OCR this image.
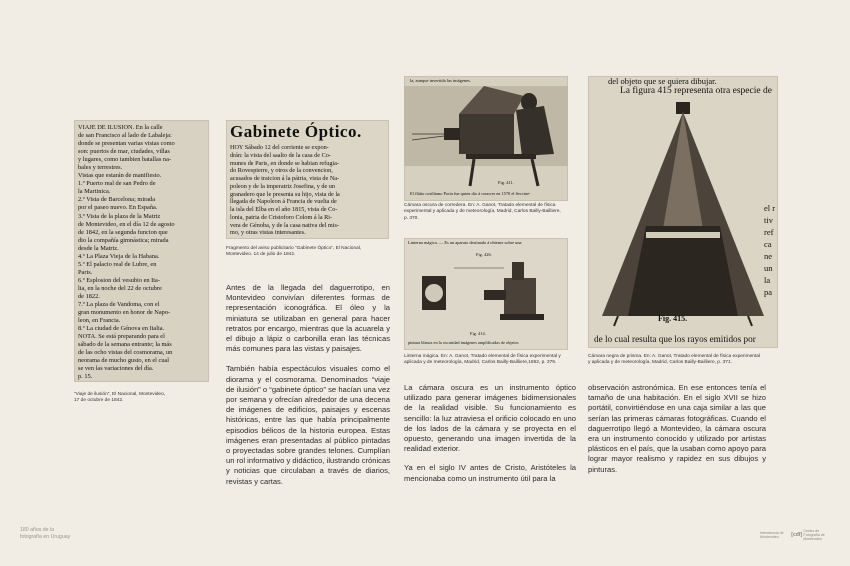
VIAJE DE ILUSION. En la calle
de san Francisco al lado de Labaleja:
donde se presentan varias vistas como
son: puertos de mar, ciudades, villas
y lugares, como tambien batallas na-
bales y terrestres.
Vistas que estarán de manifiesto.
1.º Puerto real de san Pedro de
la Martinica.
2.º Vista de Barcelona; mirada
por el paseo nuevo. En España.
3.º Vista de la plaza de la Matriz
de Montevideo, en el día 12 de agosto
de 1842, en la segunda funcion que
dio la compañía gimnástica; mirada
desde la Matriz.
4.º La Plaza Vieja de la Habana.
5.º El palacio real de Lubre, en
Paris.
6.º Esplosion del vesubio en Ita-
lia, en la noche del 22 de octubre
de 1822.
7.º La plaza de Vandoma, con el
gran monumento en honor de Napo-
leon, en Francia.
8.º La ciudad de Génova en Italia.
NOTA. Se está preparando para el
sábado de la semana entrante; la más
de las ocho vistas del cosmorama, un
neorama de mucho gusto, en el cual
se ven las variaciones del día.
p. 15.
“Viaje de ilusión”, El Nacional, Montevideo,
17 de octubre de 1842.
Gabinete Óptico.
HOY Sábado 12 del corriente se expon-
drán: la vista del saalto de la casa de Co-
munes de Paris, en donde se habian refugia-
do Rovespierre, y otros de la convencion,
acusados de traicion á la pátria, vista de Na-
poleon y de la imperatriz Josefina, y de un
granadero que le presenta su hijo, vista de la
llegada de Napoleon á Francia de vuelta de
la isla del Elba en el año 1815, vista de Co-
lonia, patria de Cristoforo Colom á la Ri-
vera de Génoba, y de la casa nativa del mis-
mo, y otras vistas interesantes.
Fragmento del aviso publicitario “Gabinete Óptico”, El Nacional,
Montevideo. 14 de julio de 1842.

Antes de la llegada del daguerrotipo, en Montevideo convivían diferentes formas de representación iconográfica. El óleo y la miniatura se utilizaban en general para hacer retratos por encargo, mientras que la acuarela y el dibujo a lápiz o carbonilla eran las técnicas más comunes para las vistas y paisajes.

También había espectáculos visuales como el diorama y el cosmorama. Denominados “viaje de ilusión” o “gabinete óptico” se hacían una vez por semana y ofrecían alrededor de una decena de imágenes de edificios, paisajes y escenas históricas, entre las que había principalmente episodios bélicos de la historia europea. Estas imágenes eran presentadas al público pintadas o proyectadas sobre grandes telones. Cumplían un rol informativo y didáctico, ilustrando crónicas y noticias que circulaban a través de diarios, revistas y cartas.

la, aunque invertida las imágenes.
Fig. 411.
El fliáto cosilitano Porta fue quien dio á conocer en 1570 el Seccine-
Cámara oscura de corredera. En: A. Ganot, Tratado elemental de física
experimental y aplicada y de meteorología, Madrid, Carlos Bailly-Bailliere,
p. 370.
Linterna mágica. — Es un aparato destinado á obtener sobre una
Fig. 426.
Fig. 414.
pintura blanca en la oscuridad imágenes amplificadas de objetos
Linterna mágica. En: A. Ganot, Tratado elemental de física experimental y
aplicada y de meteorología, Madrid, Carlos Bailly-Bailliere,1862, p. 379.

La cámara oscura es un instrumento óptico utilizado para generar imágenes bidimensionales de la realidad visible. Su funcionamiento es sencillo: la luz atraviesa el orificio colocado en uno de los lados de la cámara y se proyecta en el opuesto, generando una imagen invertida de la realidad exterior.

Ya en el siglo IV antes de Cristo, Aristóteles la mencionaba como un instrumento útil para la

del objeto que se quiera dibujar.
La figura 415 representa otra especie de
Fig. 415.
de lo cual resulta que los rayos emitidos por
el r
tiv
ref
ca
ne
un
la
pa
Cámara negra de prisma. En: A. Ganot, Tratado elemental de física experimental
y aplicada y de meteorología, Madrid, Carlos Bailly-Bailliere, p. 371.

observación astronómica. En ese entonces tenía el tamaño de una habitación. En el siglo XVII se hizo portátil, convirtiéndose en una caja similar a las que serían las primeras cámaras fotográficas. Cuando el daguerrotipo llegó a Montevideo, la cámara oscura era un instrumento conocido y utilizado por artistas plásticos en el país, que la usaban como apoyo para lograr mayor realismo y rapidez en sus dibujos y pinturas.

180 años de la
fotografía en Uruguay
Intendencia de Montevideo	[cdf] Centro de Fotografía de Montevideo
